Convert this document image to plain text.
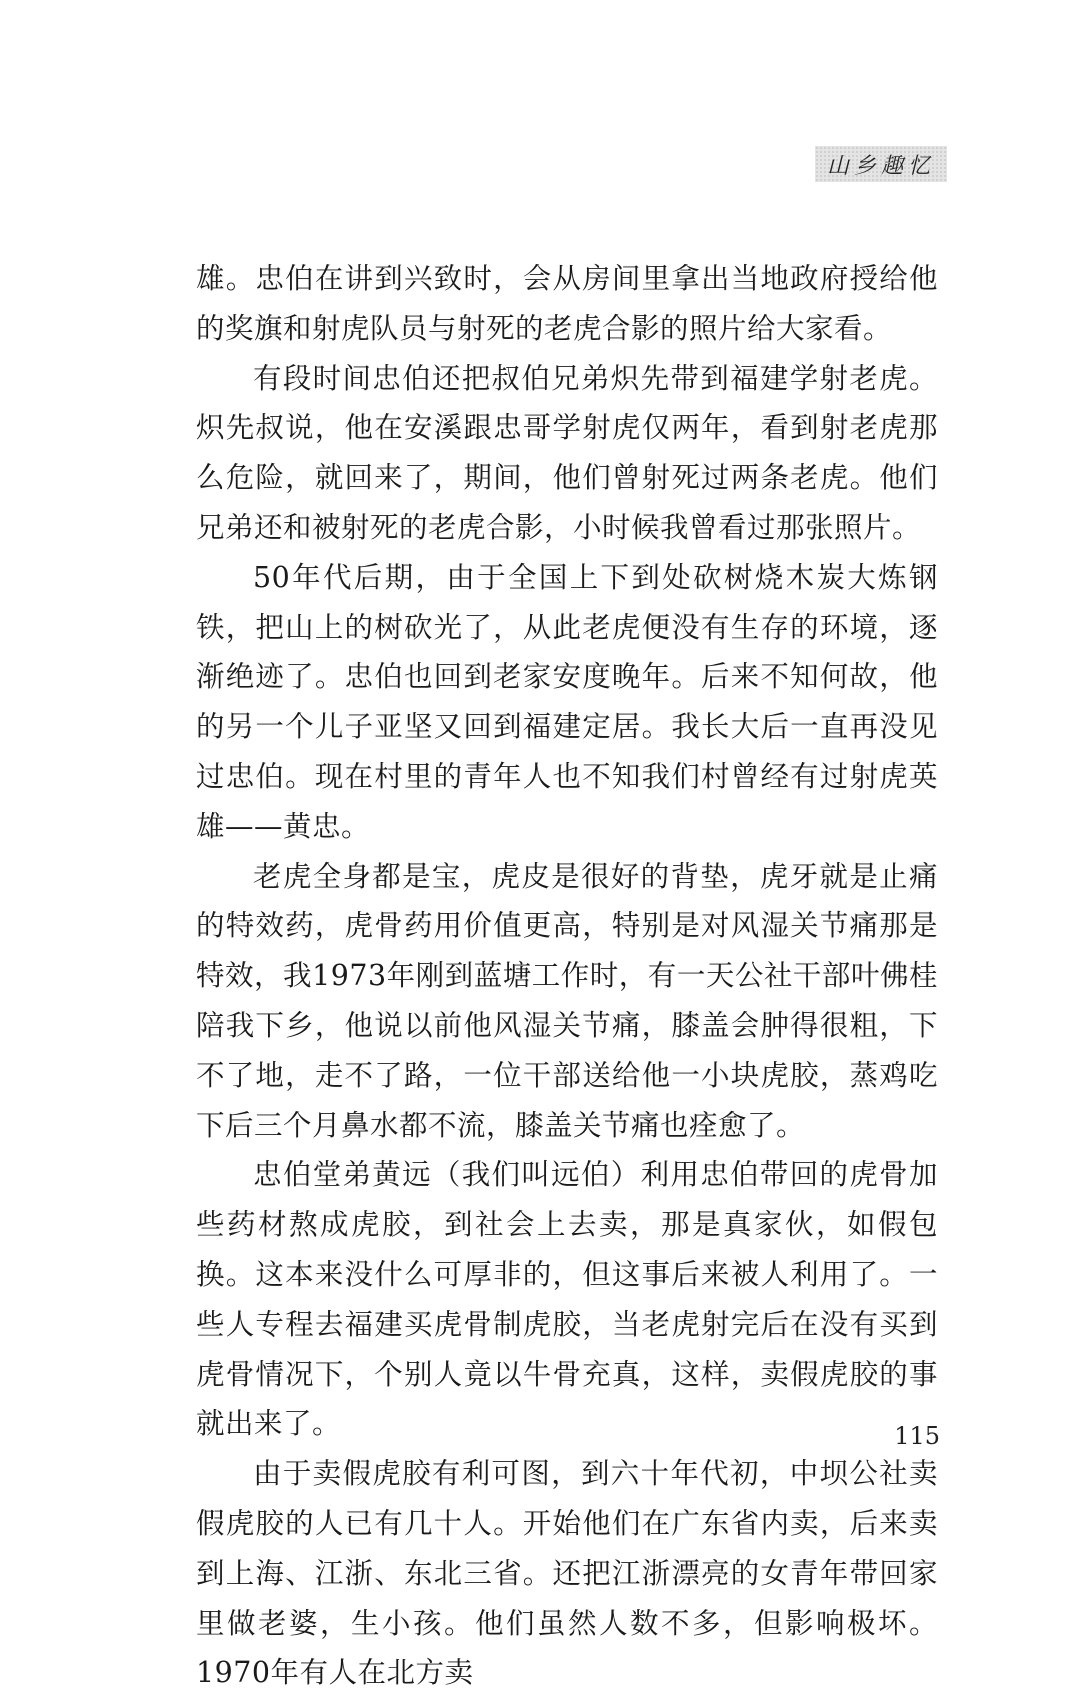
山乡趣忆

雄。忠伯在讲到兴致时，会从房间里拿出当地政府授给他的奖旗和射虎队员与射死的老虎合影的照片给大家看。

有段时间忠伯还把叔伯兄弟炽先带到福建学射老虎。炽先叔说，他在安溪跟忠哥学射虎仅两年，看到射老虎那么危险，就回来了，期间，他们曾射死过两条老虎。他们兄弟还和被射死的老虎合影，小时候我曾看过那张照片。

50年代后期，由于全国上下到处砍树烧木炭大炼钢铁，把山上的树砍光了，从此老虎便没有生存的环境，逐渐绝迹了。忠伯也回到老家安度晚年。后来不知何故，他的另一个儿子亚坚又回到福建定居。我长大后一直再没见过忠伯。现在村里的青年人也不知我们村曾经有过射虎英雄——黄忠。

老虎全身都是宝，虎皮是很好的背垫，虎牙就是止痛的特效药，虎骨药用价值更高，特别是对风湿关节痛那是特效，我1973年刚到蓝塘工作时，有一天公社干部叶佛桂陪我下乡，他说以前他风湿关节痛，膝盖会肿得很粗，下不了地，走不了路，一位干部送给他一小块虎胶，蒸鸡吃下后三个月鼻水都不流，膝盖关节痛也痊愈了。

忠伯堂弟黄远（我们叫远伯）利用忠伯带回的虎骨加些药材熬成虎胶，到社会上去卖，那是真家伙，如假包换。这本来没什么可厚非的，但这事后来被人利用了。一些人专程去福建买虎骨制虎胶，当老虎射完后在没有买到虎骨情况下，个别人竟以牛骨充真，这样，卖假虎胶的事就出来了。

由于卖假虎胶有利可图，到六十年代初，中坝公社卖假虎胶的人已有几十人。开始他们在广东省内卖，后来卖到上海、江浙、东北三省。还把江浙漂亮的女青年带回家里做老婆，生小孩。他们虽然人数不多，但影响极坏。1970年有人在北方卖

115
